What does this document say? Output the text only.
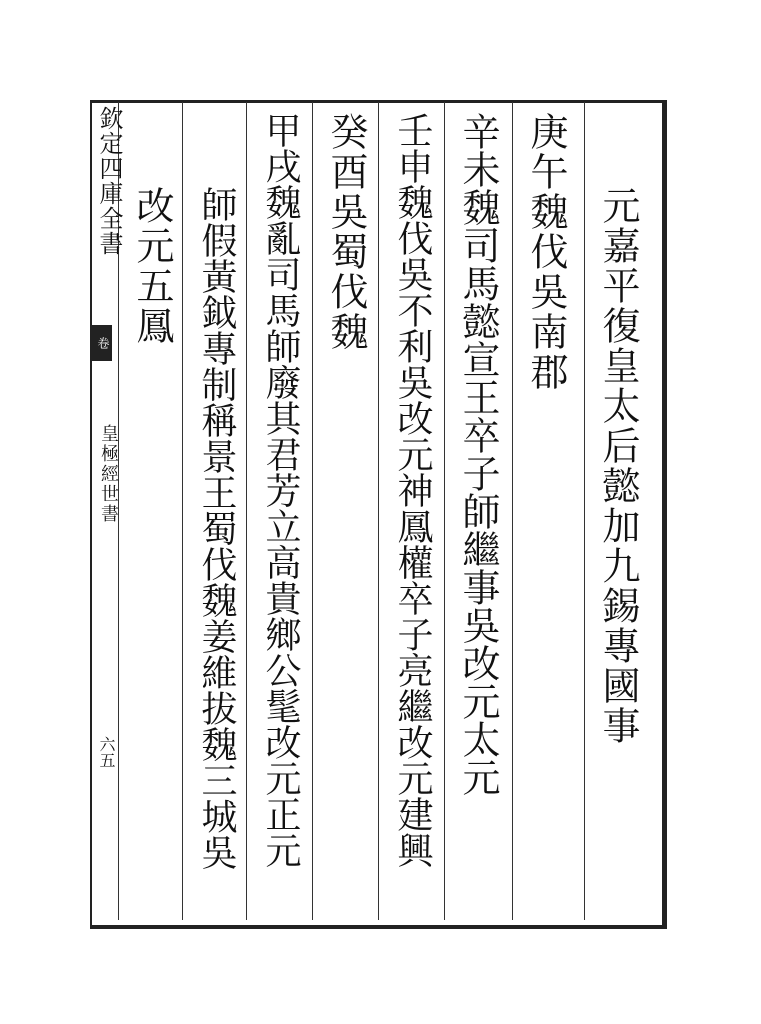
欽定四庫全書
卷
皇極經世書
六五
元嘉平復皇太后懿加九錫專國事
庚午魏伐吳南郡
辛未魏司馬懿宣王卒子師繼事吳改元太元
壬申魏伐吳不利吳改元神鳳權卒子亮繼改元建興
癸酉吳蜀伐魏
甲戌魏亂司馬師廢其君芳立高貴鄉公髦改元正元
師假黃鉞專制稱景王蜀伐魏姜維拔魏三城吳
改元五鳳
